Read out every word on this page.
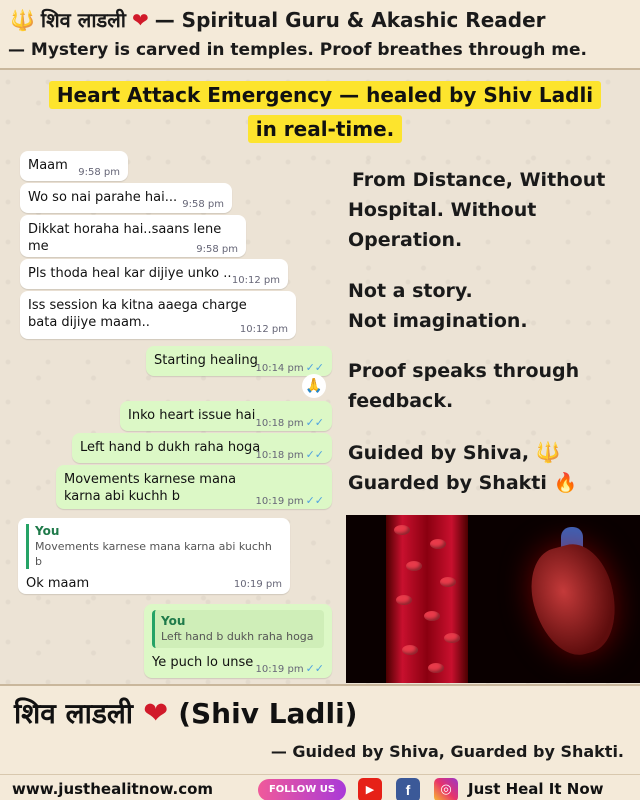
🔱 शिव लाडली ❤ — Spiritual Guru & Akashic Reader
— Mystery is carved in temples. Proof breathes through me.
Heart Attack Emergency — healed by Shiv Ladli
in real-time.
Maam 9:58 pm
Wo so nai parahe hai... 9:58 pm
Dikkat horaha hai..saans lene me	9:58 pm
Pls thoda heal kar dijiye unko .. 10:12 pm
Iss session ka kitna aaega charge bata dijiye maam..	10:12 pm
Starting healing
10:14 pm ✓✓
🙏
Inko heart issue hai
10:18 pm ✓✓
Left hand b dukh raha hoga
10:18 pm ✓✓
Movements karnese mana karna abi kuchh b	10:19 pm ✓✓
You
Movements karnese mana karna abi kuchh b
Ok maam	10:19 pm
You
Left hand b dukh raha hoga
Ye puch lo unse 10:19 pm ✓✓
From Distance, Without
Hospital. Without
Operation.
Not a story.
Not imagination.
Proof speaks through
feedback.
Guided by Shiva, 🔱
Guarded by Shakti 🔥
शिव लाडली ❤ (Shiv Ladli)
— Guided by Shiva, Guarded by Shakti.
www.justhealitnow.com	FOLLOW US	▶	f	◎	Just Heal It Now
